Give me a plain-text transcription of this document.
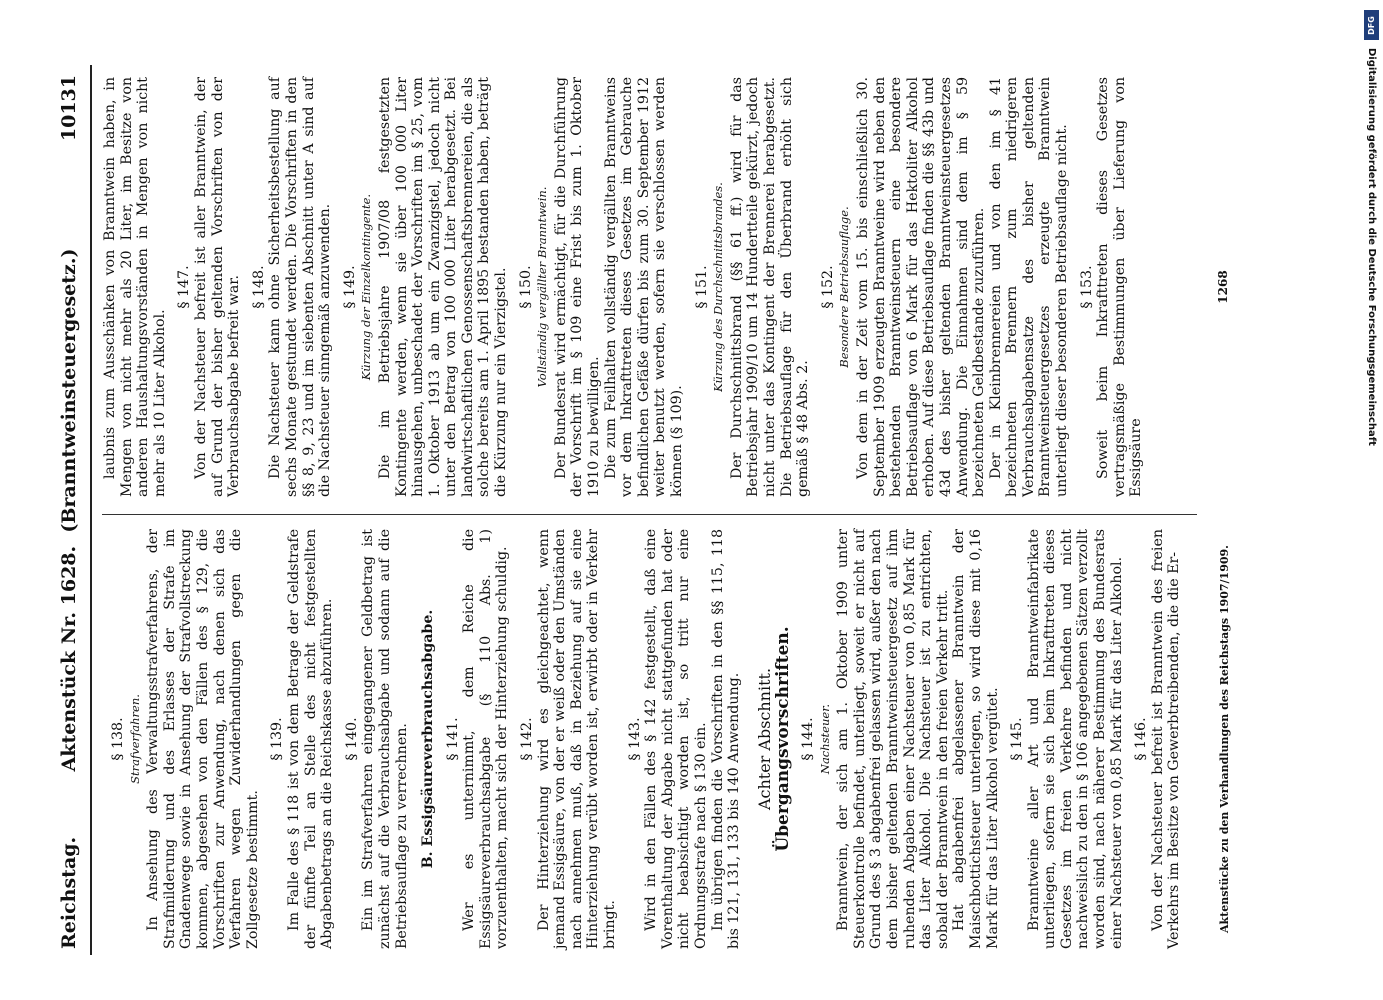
Reichstag.
Aktenstück Nr. 1628.  (Branntweinsteuergesetz.)
10131

§ 138. Strafverfahren. In Ansehung des Verwaltungsstrafverfahrens, der Strafmilderung und des Erlasses der Strafe im Gnadenwege sowie in Ansehung der Strafvollstreckung kommen, abgesehen von den Fällen des § 129, die Vorschriften zur Anwendung, nach denen sich das Verfahren wegen Zuwiderhandlungen gegen die Zollgesetze bestimmt.

§ 139. Im Falle des § 118 ist von dem Betrage der Geldstrafe der fünfte Teil an Stelle des nicht festgestellten Abgabenbetrags an die Reichskasse abzuführen. § 140. Ein im Strafverfahren eingegangener Geldbetrag ist zunächst auf die Verbrauchsabgabe und sodann auf die Betriebsauflage zu verrechnen. B. Essigsäureverbrauchsabgabe. § 141. Wer es unternimmt, dem Reiche die Essigsäureverbrauchsabgabe (§ 110 Abs. 1) vorzuenthalten, macht sich der Hinterziehung schuldig. § 142. Der Hinterziehung wird es gleichgeachtet, wenn jemand Essigsäure, von der er weiß oder den Umständen nach annehmen muß, daß in Beziehung auf sie eine Hinterziehung verübt worden ist, erwirbt oder in Verkehr bringt.

§ 143. Wird in den Fällen des § 142 festgestellt, daß eine Vorenthaltung der Abgabe nicht stattgefunden hat oder nicht beabsichtigt worden ist, so tritt nur eine Ordnungsstrafe nach § 130 ein. Im übrigen finden die Vorschriften in den §§ 115, 118 bis 121, 131, 133 bis 140 Anwendung. Achter Abschnitt. Übergangsvorschriften. § 144. Nachsteuer. Branntwein, der sich am 1. Oktober 1909 unter Steuerkontrolle befindet, unterliegt, soweit er nicht auf Grund des § 3 abgabenfrei gelassen wird, außer den nach dem bisher geltenden Branntweinsteuergesetz auf ihm ruhenden Abgaben einer Nachsteuer von 0,85 Mark für das Liter Alkohol. Die Nachsteuer ist zu entrichten, sobald der Branntwein in den freien Verkehr tritt. Hat abgabenfrei abgelassener Branntwein der Maischbottichsteuer unterlegen, so wird diese mit 0,16 Mark für das Liter Alkohol vergütet. § 145. Branntweine aller Art und Branntweinfabrikate unterliegen, sofern sie sich beim Inkrafttreten dieses Gesetzes im freien Verkehre befinden und nicht nachweislich zu den in § 106 angegebenen Sätzen verzollt worden sind, nach näherer Bestimmung des Bundesrats einer Nachsteuer von 0,85 Mark für das Liter Alkohol. § 146. Von der Nachsteuer befreit ist Branntwein des freien Verkehrs im Besitze von Gewerbtreibenden, die die Er-

laubnis zum Ausschänken von Branntwein haben, in Mengen von nicht mehr als 20 Liter, im Besitze von anderen Haushaltungsvorständen in Mengen von nicht mehr als 10 Liter Alkohol.

§ 147. Von der Nachsteuer befreit ist aller Branntwein, der auf Grund der bisher geltenden Vorschriften von der Verbrauchsabgabe befreit war. § 148. Die Nachsteuer kann ohne Sicherheitsbestellung auf sechs Monate gestundet werden. Die Vorschriften in den §§ 8, 9, 23 und im siebenten Abschnitt unter A sind auf die Nachsteuer sinngemäß anzuwenden. § 149. Kürzung der Einzelkontingente. Die im Betriebsjahre 1907/08 festgesetzten Kontingente werden, wenn sie über 100 000 Liter hinausgehen, unbeschadet der Vorschriften im § 25, vom 1. Oktober 1913 ab um ein Zwanzigstel, jedoch nicht unter den Betrag von 100 000 Liter herabgesetzt. Bei landwirtschaftlichen Genossenschaftsbrennereien, die als solche bereits am 1. April 1895 bestanden haben, beträgt die Kürzung nur ein Vierzigstel. § 150. Vollständig vergällter Branntwein. Der Bundesrat wird ermächtigt, für die Durchführung der Vorschrift im § 109 eine Frist bis zum 1. Oktober 1910 zu bewilligen. Die zum Feilhalten vollständig vergällten Branntweins vor dem Inkrafttreten dieses Gesetzes im Gebrauche befindlichen Gefäße dürfen bis zum 30. September 1912 weiter benutzt werden, sofern sie verschlossen werden können (§ 109).

§ 151. Kürzung des Durchschnittsbrandes. Der Durchschnittsbrand (§§ 61 ff.) wird für das Betriebsjahr 1909/10 um 14 Hundertteile gekürzt, jedoch nicht unter das Kontingent der Brennerei herabgesetzt. Die Betriebsauflage für den Überbrand erhöht sich gemäß § 48 Abs. 2.

§ 152. Besondere Betriebsauflage. Von dem in der Zeit vom 15. bis einschließlich 30. September 1909 erzeugten Branntweine wird neben den bestehenden Branntweinsteuern eine besondere Betriebsauflage von 6 Mark für das Hektoliter Alkohol erhoben. Auf diese Betriebsauflage finden die §§ 43b und 43d des bisher geltenden Branntweinsteuergesetzes Anwendung. Die Einnahmen sind dem im § 59 bezeichneten Geldbestande zuzuführen. Der in Kleinbrennereien und von den im § 41 bezeichneten Brennern zum niedrigeren Verbrauchsabgabensatze des bisher geltenden Branntweinsteuergesetzes erzeugte Branntwein unterliegt dieser besonderen Betriebsauflage nicht. § 153. Soweit beim Inkrafttreten dieses Gesetzes vertragsmäßige Bestimmungen über Lieferung von Essigsäure

Aktenstücke zu den Verhandlungen des Reichstags 1907/1909.
1268
DFG
Digitalisierung gefördert durch die Deutsche Forschungsgemeinschaft
